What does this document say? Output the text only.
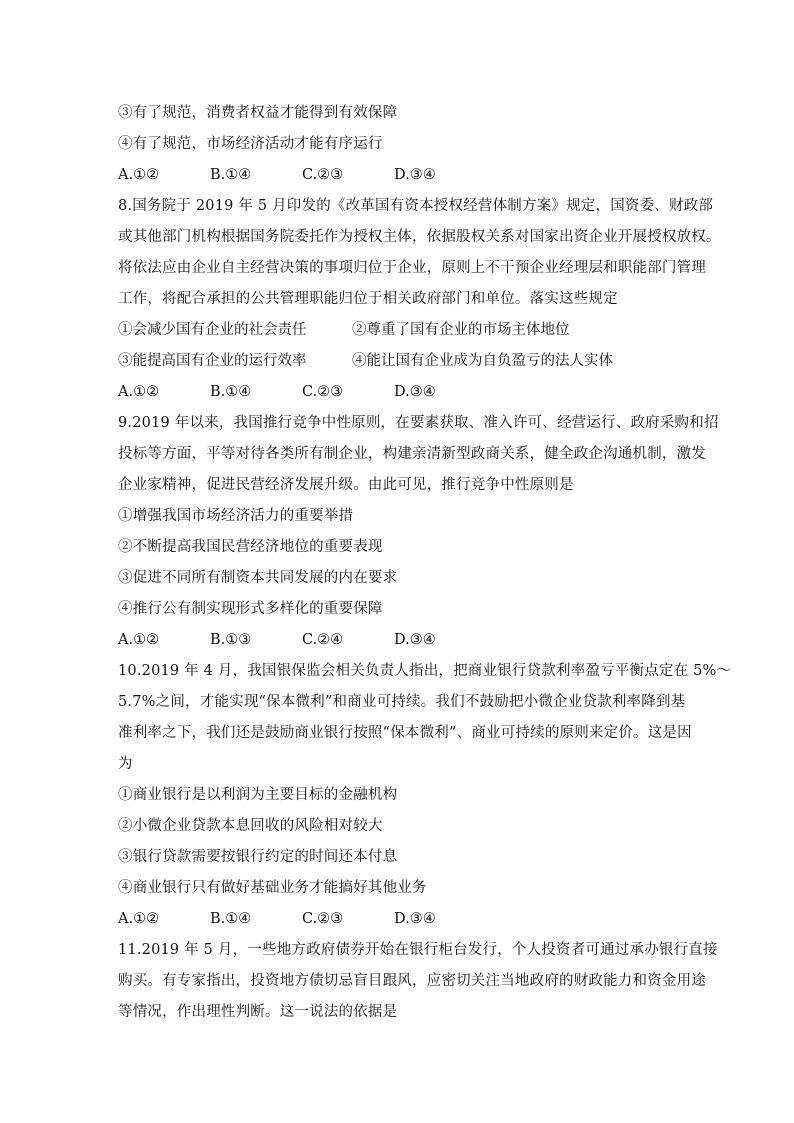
③有了规范，消费者权益才能得到有效保障
④有了规范，市场经济活动才能有序运行
A.①②	B.①④	C.②③	D.③④
8.国务院于 2019 年 5 月印发的《改革国有资本授权经营体制方案》规定，国资委、财政部
或其他部门机构根据国务院委托作为授权主体，依据股权关系对国家出资企业开展授权放权。
将依法应由企业自主经营决策的事项归位于企业，原则上不干预企业经理层和职能部门管理
工作，将配合承担的公共管理职能归位于相关政府部门和单位。落实这些规定
①会减少国有企业的社会责任	②尊重了国有企业的市场主体地位
③能提高国有企业的运行效率	④能让国有企业成为自负盈亏的法人实体
A.①②	B.①④	C.②③	D.③④
9.2019 年以来，我国推行竞争中性原则，在要素获取、准入许可、经营运行、政府采购和招
投标等方面，平等对待各类所有制企业，构建亲清新型政商关系，健全政企沟通机制，激发
企业家精神，促进民营经济发展升级。由此可见，推行竞争中性原则是
①增强我国市场经济活力的重要举措
②不断提高我国民营经济地位的重要表现
③促进不同所有制资本共同发展的内在要求
④推行公有制实现形式多样化的重要保障
A.①②	B.①③	C.②④	D.③④
10.2019 年 4 月，我国银保监会相关负责人指出，把商业银行贷款利率盈亏平衡点定在 5%～
5.7%之间，才能实现“保本微利”和商业可持续。我们不鼓励把小微企业贷款利率降到基
准利率之下，我们还是鼓励商业银行按照“保本微利”、商业可持续的原则来定价。这是因
为
①商业银行是以利润为主要目标的金融机构
②小微企业贷款本息回收的风险相对较大
③银行贷款需要按银行约定的时间还本付息
④商业银行只有做好基础业务才能搞好其他业务
A.①②	B.①④	C.②③	D.③④
11.2019 年 5 月，一些地方政府债券开始在银行柜台发行，个人投资者可通过承办银行直接
购买。有专家指出，投资地方债切忌盲目跟风，应密切关注当地政府的财政能力和资金用途
等情况，作出理性判断。这一说法的依据是
